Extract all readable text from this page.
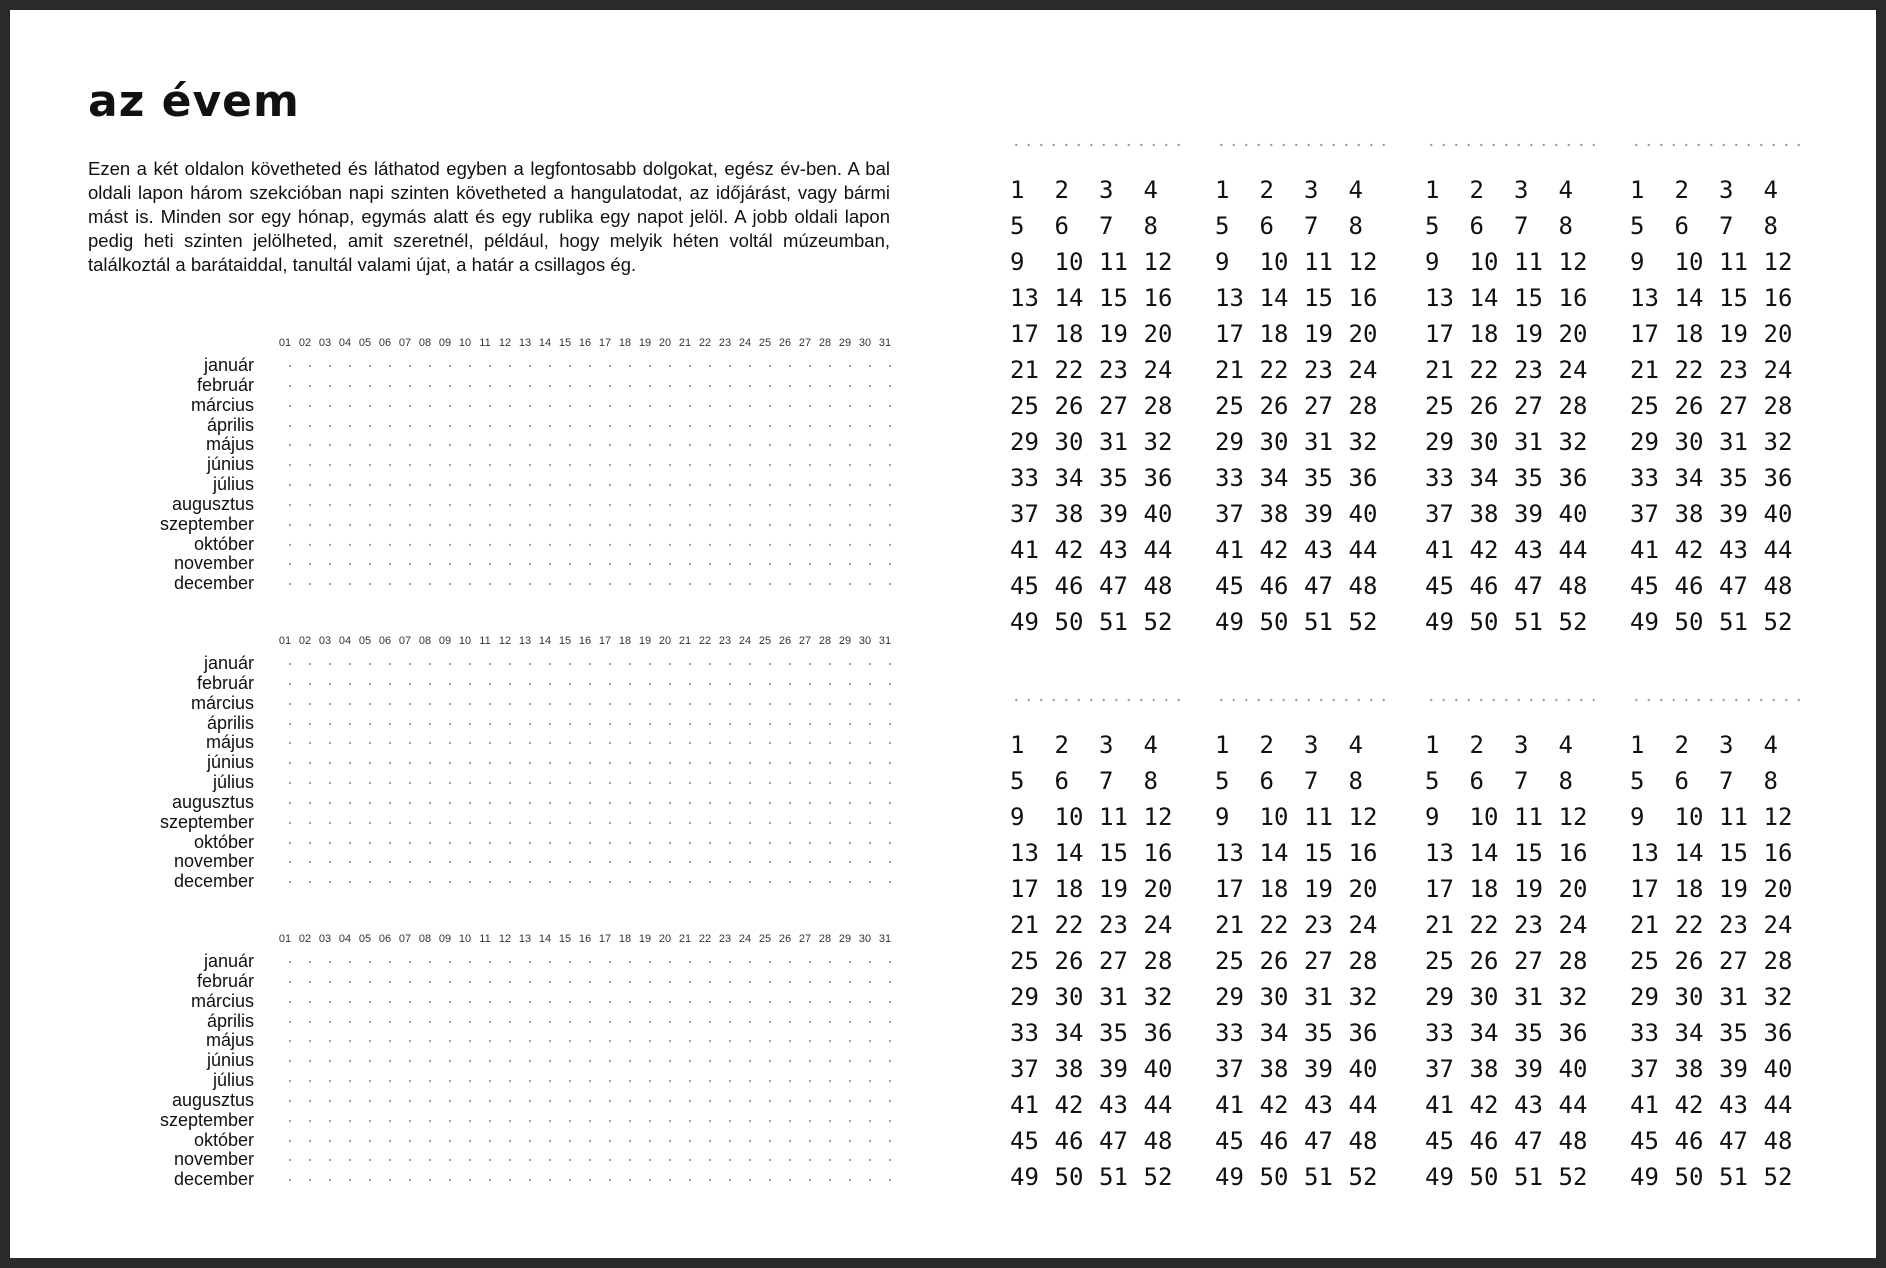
az évem

Ezen a két oldalon követheted és láthatod egyben a legfontosabb dolgokat, egész év-ben. A bal oldali lapon három szekcióban napi szinten követheted a hangulatodat, az időjárást, vagy bármi mást is. Minden sor egy hónap, egymás alatt és egy rublika egy napot jelöl. A jobb oldali lapon pedig heti szinten jelölheted, amit szeretnél, például, hogy melyik héten voltál múzeumban, találkoztál a barátaiddal, tanultál valami újat, a határ a csillagos ég.

01 02 03 04 05 06 07 08 09 10 11 12 13 14 15 16 17 18 19 20 21 22 23 24 25 26 27 28 29 30 31
január
február
március
április
május
június
július
augusztus
szeptember
október
november
december
01 02 03 04 05 06 07 08 09 10 11 12 13 14 15 16 17 18 19 20 21 22 23 24 25 26 27 28 29 30 31
január
február
március
április
május
június
július
augusztus
szeptember
október
november
december
01 02 03 04 05 06 07 08 09 10 11 12 13 14 15 16 17 18 19 20 21 22 23 24 25 26 27 28 29 30 31
január
február
március
április
május
június
július
augusztus
szeptember
október
november
december
1	2	3	4
5	6	7	8
9	10 11 12
13 14 15 16
17 18 19 20
21 22 23 24
25 26 27 28
29 30 31 32
33 34 35 36
37 38 39 40
41 42 43 44
45 46 47 48
49 50 51 52
1	2	3	4
5	6	7	8
9	10 11 12
13 14 15 16
17 18 19 20
21 22 23 24
25 26 27 28
29 30 31 32
33 34 35 36
37 38 39 40
41 42 43 44
45 46 47 48
49 50 51 52
1	2	3	4
5	6	7	8
9	10 11 12
13 14 15 16
17 18 19 20
21 22 23 24
25 26 27 28
29 30 31 32
33 34 35 36
37 38 39 40
41 42 43 44
45 46 47 48
49 50 51 52
1	2	3	4
5	6	7	8
9	10 11 12
13 14 15 16
17 18 19 20
21 22 23 24
25 26 27 28
29 30 31 32
33 34 35 36
37 38 39 40
41 42 43 44
45 46 47 48
49 50 51 52
1	2	3	4
5	6	7	8
9	10 11 12
13 14 15 16
17 18 19 20
21 22 23 24
25 26 27 28
29 30 31 32
33 34 35 36
37 38 39 40
41 42 43 44
45 46 47 48
49 50 51 52
1	2	3	4
5	6	7	8
9	10 11 12
13 14 15 16
17 18 19 20
21 22 23 24
25 26 27 28
29 30 31 32
33 34 35 36
37 38 39 40
41 42 43 44
45 46 47 48
49 50 51 52
1	2	3	4
5	6	7	8
9	10 11 12
13 14 15 16
17 18 19 20
21 22 23 24
25 26 27 28
29 30 31 32
33 34 35 36
37 38 39 40
41 42 43 44
45 46 47 48
49 50 51 52
1	2	3	4
5	6	7	8
9	10 11 12
13 14 15 16
17 18 19 20
21 22 23 24
25 26 27 28
29 30 31 32
33 34 35 36
37 38 39 40
41 42 43 44
45 46 47 48
49 50 51 52
